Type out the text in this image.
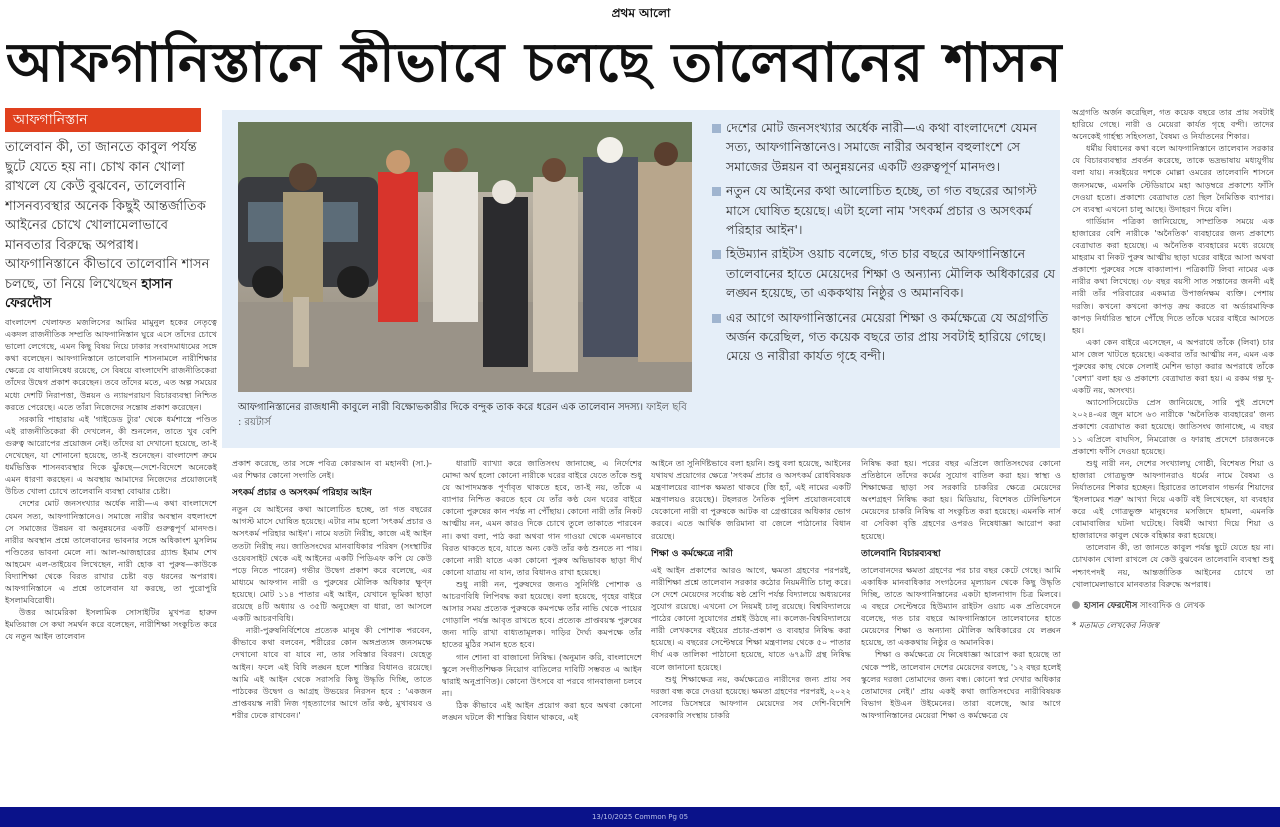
প্রথম আলো
আফগানিস্তানে কীভাবে চলছে তালেবানের শাসন
আফগানিস্তান
তালেবান কী, তা জানতে কাবুল পর্যন্ত ছুটে যেতে হয় না। চোখ কান খোলা রাখলে যে কেউ বুঝবেন, তালেবানি শাসনব্যবস্থার অনেক কিছুই আন্তর্জাতিক আইনের চোখে খোলামেলাভাবে মানবতার বিরুদ্ধে অপরাধ। আফগানিস্তানে কীভাবে তালেবানি শাসন চলছে, তা নিয়ে লিখেছেন হাসান ফেরদৌস
আফগানিস্তানের রাজধানী কাবুলে নারী বিক্ষোভকারীর দিকে বন্দুক তাক করে ধরেন এক তালেবান সদস্য। ফাইল ছবি : রয়টার্স
দেশের মোট জনসংখ্যার অর্ধেক নারী—এ কথা বাংলাদেশে যেমন সত্য, আফগানিস্তানেও। সমাজে নারীর অবস্থান বহুলাংশে সে সমাজের উন্নয়ন বা অনুন্নয়নের একটি গুরুত্বপূর্ণ মানদণ্ড।
নতুন যে আইনের কথা আলোচিত হচ্ছে, তা গত বছরের আগস্ট মাসে ঘোষিত হয়েছে। এটা হলো নাম 'সৎকর্ম প্রচার ও অসৎকর্ম পরিহার আইন'।
হিউম্যান রাইটস ওয়াচ বলেছে, গত চার বছরে আফগানিস্তানে তালেবানের হাতে মেয়েদের শিক্ষা ও অন্যান্য মৌলিক অধিকারের যে লঙ্ঘন হয়েছে, তা এককথায় নিষ্ঠুর ও অমানবিক।
এর আগে আফগানিস্তানের মেয়েরা শিক্ষা ও কর্মক্ষেত্রে যে অগ্রগতি অর্জন করেছিল, গত কয়েক বছরে তার প্রায় সবটাই হারিয়ে গেছে। মেয়ে ও নারীরা কার্যত গৃহে বন্দী।

বাংলাদেশ খেলাফত মজলিসের আমির মামুনুল হকের নেতৃত্বে একদল রাজনীতিক সম্প্রতি আফগানিস্তান ঘুরে এসে তাঁদের চোখে ভালো লেগেছে, এমন কিছু বিষয় নিয়ে ঢাকার সংবাদমাধ্যমের সঙ্গে কথা বলেছেন। আফগানিস্তানে তালেবানি শাসনামলে নারীশিক্ষার ক্ষেত্রে যে বাধানিষেধ রয়েছে, সে বিষয়ে বাংলাদেশি রাজনীতিকেরা তাঁদের উদ্বেগ প্রকাশ করেছেন। তবে তাঁদের মতে, এত অল্প সময়ের মধ্যে দেশটি নিরাপত্তা, উন্নয়ন ও ন্যায়পরায়ণ বিচারব্যবস্থা নিশ্চিত করতে পেরেছে। এতে তাঁরা নিজেদের সন্তোষ প্রকাশ করেছেন।

সরকারি পাহারায় এই 'গাইডেড ট্যুর' থেকে ধর্মশাস্ত্রে পণ্ডিত এই রাজনীতিকেরা কী দেখলেন, কী শুনলেন, তাতে খুব বেশি গুরুত্ব আরোপের প্রয়োজন নেই। তাঁদের যা দেখানো হয়েছে, তা-ই দেখেছেন, যা শোনানো হয়েছে, তা-ই শুনেছেন। বাংলাদেশ ক্রমে ধর্মভিত্তিক শাসনব্যবস্থার দিকে ঝুঁকছে—দেশে-বিদেশে অনেকেই এমন ধারণা করছেন। এ অবস্থায় আমাদের নিজেদের প্রয়োজনেই উচিত খোলা চোখে তালেবানি ব্যবস্থা বোঝার চেষ্টা।

দেশের মোট জনসংখ্যার অর্ধেক নারী—এ কথা বাংলাদেশে যেমন সত্য, আফগানিস্তানেও। সমাজে নারীর অবস্থান বহুলাংশে সে সমাজের উন্নয়ন বা অনুন্নয়নের একটি গুরুত্বপূর্ণ মানদণ্ড। নারীর অবস্থান প্রশ্নে তালেবানের ভাবনার সঙ্গে অধিকাংশ মুসলিম পণ্ডিতের ভাবনা মেলে না। আল-আজহারের গ্র্যান্ড ইমাম শেখ আহমেদ এল-তাইয়েব লিখেছেন, নারী হোক বা পুরুষ—কাউকে বিদ্যাশিক্ষা থেকে বিরত রাখার চেষ্টা বড় ধরনের অপরাধ। আফগানিস্তানে এ প্রশ্নে তালেবান যা করছে, তা পুরোপুরি ইসলামবিরোধী।

উত্তর আমেরিকা ইসলামিক সোসাইটির মুখপত্র হারুন ইমতিয়াজ সে কথা সমর্থন করে বলেছেন, নারীশিক্ষা সংকুচিত করে যে নতুন আইন তালেবান

প্রকাশ করেছে, তার সঙ্গে পবিত্র কোরআন বা মহানবী (সা.)-এর শিক্ষার কোনো সংগতি নেই।

সৎকর্ম প্রচার ও অসৎকর্ম পরিহার আইন

নতুন যে আইনের কথা আলোচিত হচ্ছে, তা গত বছরের আগস্ট মাসে ঘোষিত হয়েছে। এটার নাম হলো 'সৎকর্ম প্রচার ও অসৎকর্ম পরিহার আইন'। নামে যতটা নিরীহ, কাজে এই আইন ততটা নিরীহ নয়। জাতিসংঘের মানবাধিকার পরিষদ (সংস্থাটির ওয়েবসাইট থেকে এই আইনের একটি পিডিএফ কপি যে কেউ পড়ে নিতে পারেন) গভীর উদ্বেগ প্রকাশ করে বলেছে, এর মাধ্যমে আফগান নারী ও পুরুষের মৌলিক অধিকার ক্ষুণ্ন হয়েছে। মোট ১১৪ পাতার এই আইন, যেখানে ভূমিকা ছাড়া রয়েছে ৪টি অধ্যায় ও ৩৫টি অনুচ্ছেদ বা ধারা, তা আসলে একটি আচরণবিধি।

নারী-পুরুষনির্বিশেষে প্রত্যেক মানুষ কী পোশাক পরবেন, কীভাবে কথা বলবেন, শরীরের কোন অঙ্গপ্রত্যঙ্গ জনসমক্ষে দেখানো যাবে বা যাবে না, তার সবিস্তার বিবরণ। যেহেতু আইন। ফলে এই বিধি লঙ্ঘন হলে শাস্তির বিধানও রয়েছে। আমি এই আইন থেকে সরাসরি কিছু উদ্ধৃতি দিচ্ছি, তাতে পাঠকের উদ্বেগ ও আগ্রহ উভয়ের নিরসন হবে : 'একজন প্রাপ্তবয়স্ক নারী নিজ গৃহত্যাগের আগে তাঁর কণ্ঠ, মুখাবয়ব ও শরীর ঢেকে রাখবেন।'

ধারাটি ব্যাখ্যা করে জাতিসংঘ জানাচ্ছে, এ নির্দেশের মোদ্দা অর্থ হলো কোনো নারীকে ঘরের বাইরে যেতে তাঁকে শুধু যে আপাদমস্তক পূর্ণাবৃত থাকতে হবে, তা-ই নয়, তাঁকে এ ব্যাপার নিশ্চিত করতে হবে যে তাঁর কণ্ঠ যেন ঘরের বাইরে কোনো পুরুষের কান পর্যন্ত না পৌঁছায়। কোনো নারী তাঁর নিকট আত্মীয় নন, এমন কারও দিকে চোখে তুলে তাকাতে পারবেন না। কথা বলা, পাঠ করা অথবা গান গাওয়া থেকে এমনভাবে বিরত থাকতে হবে, যাতে অন্য কেউ তাঁর কণ্ঠ শুনতে না পায়। কোনো নারী যাতে একা কোনো পুরুষ অভিভাবক ছাড়া দীর্ঘ কোনো যাত্রায় না যান, তার বিধানও রাখা হয়েছে।

শুধু নারী নন, পুরুষদের জন্যও সুনির্দিষ্ট পোশাক ও আচরণবিধি লিপিবদ্ধ করা হয়েছে। বলা হয়েছে, গৃহের বাইরে আসার সময় প্রত্যেক পুরুষকে কমপক্ষে তাঁর নাভি থেকে পায়ের গোড়ালি পর্যন্ত আবৃত রাখতে হবে। প্রত্যেক প্রাপ্তবয়স্ক পুরুষের জন্য দাড়ি রাখা বাধ্যতামূলক। দাড়ির দৈর্ঘ্য কমপক্ষে তাঁর হাতের মুঠির সমান হতে হবে।

গান শোনা বা বাজানো নিষিদ্ধ। (অনুমান করি, বাংলাদেশে স্কুলে সংগীতশিক্ষক নিয়োগ বাতিলের দাবিটি সম্ভবত এ আইন দ্বারাই অনুপ্রাণিত)। কোনো উৎসবে বা পরবে গানবাজনা চলবে না।

ঠিক কীভাবে এই আইন প্রয়োগ করা হবে অথবা কোনো লঙ্ঘন ঘটলে কী শাস্তির বিধান থাকবে, এই

আইনে তা সুনির্দিষ্টভাবে বলা হয়নি। শুধু বলা হয়েছে, আইনের যথাযথ প্রয়োগের ক্ষেত্রে 'সৎকর্ম প্রচার ও অসৎকর্ম রোধবিষয়ক মন্ত্রণালয়ের ব্যাপক ক্ষমতা থাকবে (জি হ্যাঁ, এই নামের একটি মন্ত্রণালয়ও রয়েছে)। টহলরত নৈতিক পুলিশ প্রয়োজনবোধে যেকোনো নারী বা পুরুষকে আটক বা গ্রেপ্তারের অধিকার ভোগ করবে। এতে আর্থিক জরিমানা বা জেলে পাঠানোর বিধান রয়েছে।

শিক্ষা ও কর্মক্ষেত্রে নারী

এই আইন প্রকাশের আরও আগে, ক্ষমতা গ্রহণের পরপরই, নারীশিক্ষা প্রশ্নে তালেবান সরকার কঠোর নিয়মনীতি চালু করে। সে দেশে মেয়েদের সর্বোচ্চ ষষ্ঠ শ্রেণি পর্যন্ত বিদ্যালয়ে অধ্যয়নের সুযোগ রয়েছে। এখনো সে নিয়মই চালু রয়েছে। বিশ্ববিদ্যালয়ে পাঠের কোনো সুযোগের প্রশ্নই উঠছে না। কলেজ-বিশ্ববিদ্যালয়ে নারী লেখকদের বইয়ের প্রচার-প্রকাশ ও ব্যবহার নিষিদ্ধ করা হয়েছে। এ বছরের সেপ্টেম্বরে শিক্ষা মন্ত্রণালয় থেকে ৫০ পাতার দীর্ঘ এক তালিকা পাঠানো হয়েছে, যাতে ৬৭৯টি গ্রন্থ নিষিদ্ধ বলে জানানো হয়েছে।

শুধু শিক্ষাক্ষেত্র নয়, কর্মক্ষেত্রেও নারীদের জন্য প্রায় সব দরজা বন্ধ করে দেওয়া হয়েছে। ক্ষমতা গ্রহণের পরপরই, ২০২২ সালের ডিসেম্বরে আফগান মেয়েদের সব দেশি-বিদেশি বেসরকারি সংস্থায় চাকরি

নিষিদ্ধ করা হয়। পরের বছর এপ্রিলে জাতিসংঘের কোনো প্রতিষ্ঠানে তাঁদের কর্মের সুযোগ বাতিল করা হয়। স্বাস্থ্য ও শিক্ষাক্ষেত্র ছাড়া সব সরকারি চাকরির ক্ষেত্রে মেয়েদের অংশগ্রহণ নিষিদ্ধ করা হয়। মিডিয়ায়, বিশেষত টেলিভিশনে মেয়েদের চাকরি নিষিদ্ধ বা সংকুচিত করা হয়েছে। এমনকি নার্স বা সেবিকা বৃত্তি গ্রহণের ওপরও নিষেধাজ্ঞা আরোপ করা হয়েছে।

তালেবানি বিচারব্যবস্থা

তালেবানদের ক্ষমতা গ্রহণের পর চার বছর কেটে গেছে। আমি একাধিক মানবাধিকার সংগঠনের মূল্যায়ন থেকে কিছু উদ্ধৃতি দিচ্ছি, তাতে আফগানিস্তানের একটা হালনাগাদ চিত্র মিলবে। এ বছরে সেপ্টেম্বরে হিউম্যান রাইটস ওয়াচ এক প্রতিবেদনে বলেছে, গত চার বছরে আফগানিস্তানে তালেবানের হাতে মেয়েদের শিক্ষা ও অন্যান্য মৌলিক অধিকারের যে লঙ্ঘন হয়েছে, তা এককথায় নিষ্ঠুর ও অমানবিক।

শিক্ষা ও কর্মক্ষেত্রে যে নিষেধাজ্ঞা আরোপ করা হয়েছে তা থেকে স্পষ্ট, তালেবান দেশের মেয়েদের বলছে, '১২ বছর হলেই স্কুলের দরজা তোমাদের জন্য বন্ধ। কোনো স্বপ্ন দেখার অধিকার তোমাদের নেই।' প্রায় একই কথা জাতিসংঘের নারীবিষয়ক বিভাগ ইউএন উইমেনের। তারা বলেছে, আর আগে আফগানিস্তানের মেয়েরা শিক্ষা ও কর্মক্ষেত্রে যে

অগ্রগতি অর্জন করেছিল, গত কয়েক বছরে তার প্রায় সবটাই হারিয়ে গেছে। নারী ও মেয়েরা কার্যত গৃহে বন্দী। তাদের অনেকেই গার্হস্থ্য সহিংসতা, বৈষম্য ও নির্যাতনের শিকার।

ধর্মীয় বিধানের কথা বলে আফগানিস্তানে তালেবান সরকার যে বিচারব্যবস্থার প্রবর্তন করেছে, তাকে ভদ্রভাষায় মধ্যযুগীয় বলা যায়। নব্বইয়ের দশকে মোল্লা ওমরের তালেবানি শাসনে জনসমক্ষে, এমনকি স্টেডিয়ামে মহা আড়ম্বরে প্রকাশ্যে ফাঁসি দেওয়া হতো। প্রকাশ্যে বেত্রাঘাত তো ছিল নৈমিত্তিক ব্যাপার। সে ব্যবস্থা এখনো চালু আছে। উদাহরণ দিয়ে বলি।

গার্ডিয়ান পত্রিকা জানিয়েছে, সাম্প্রতিক সময়ে এক হাজারের বেশি নারীকে 'অনৈতিক' ব্যবহারের জন্য প্রকাশ্যে বেত্রাঘাত করা হয়েছে। এ অনৈতিক ব্যবহারের মধ্যে রয়েছে মাহরাম বা নিকট পুরুষ আত্মীয় ছাড়া ঘরের বাইরে আসা অথবা প্রকাশ্যে পুরুষের সঙ্গে বাক্যালাপ। পত্রিকাটি লিবা নামের এক নারীর কথা লিখেছে। ৩৮ বছর বয়সী সাত সন্তানের জননী এই নারী তাঁর পরিবারের একমাত্র উপার্জনক্ষম ব্যক্তি। পেশায় দরজি। কখনো কখনো কাপড় ক্রয় করতে বা অর্ডারমাফিক কাপড় নির্ধারিত স্থানে পৌঁছে দিতে তাঁকে ঘরের বাইরে আসতে হয়।

একা কেন বাইরে এসেছেন, এ অপরাধে তাঁকে (লিবা) চার মাস জেল খাটতে হয়েছে। একবার তাঁর আত্মীয় নন, এমন এক পুরুষের কাছ থেকে সেলাই মেশিন ভাড়া করার অপরাধে তাঁকে 'বেশ্যা' বলা হয় ও প্রকাশ্যে বেত্রাঘাত করা হয়। এ রকম গল্প দু-একটি নয়, অসংখ্য।

অ্যাসোসিয়েটেড প্রেস জানিয়েছে, সারি পুই প্রদেশে ২০২৪-এর জুন মাসে ৬৩ নারীকে 'অনৈতিক ব্যবহারের' জন্য প্রকাশ্যে বেত্রাঘাত করা হয়েছে। জাতিসংঘ জানাচ্ছে, এ বছর ১১ এপ্রিলে বাঘদিস, নিমরোজ ও ফারাহ প্রদেশে চারজনকে প্রকাশ্যে ফাঁসি দেওয়া হয়েছে।

শুধু নারী নন, দেশের সংখ্যালঘু গোষ্ঠী, বিশেষত শিয়া ও হাজারা গোত্রভুক্ত আফগানরাও ধর্মের নামে বৈষম্য ও নির্যাতনের শিকার হচ্ছেন। হিরাতের তালেবান গভর্নর শিয়াদের 'ইসলামের শত্রু' আখ্যা দিয়ে একটি বই লিখেছেন, যা ব্যবহার করে এই গোত্রভুক্ত মানুষদের মসজিদে হামলা, এমনকি বোমাবাজির ঘটনা ঘটেছে। বিধর্মী আখ্যা দিয়ে শিয়া ও হাজারাদের কাবুল থেকে বহিষ্কার করা হয়েছে।

তালেবান কী, তা জানতে কাবুল পর্যন্ত ছুটে যেতে হয় না। চোখকান খোলা রাখলে যে কেউ বুঝবেন তালেবানি ব্যবস্থা শুধু পশ্চাৎপদই নয়, আন্তর্জাতিক আইনের চোখে তা খোলামেলাভাবে মানবতার বিরুদ্ধে অপরাধ।

হাসান ফেরদৌস সাংবাদিক ও লেখক
* মতামত লেখকের নিজস্ব
13/10/2025 Common Pg 05
